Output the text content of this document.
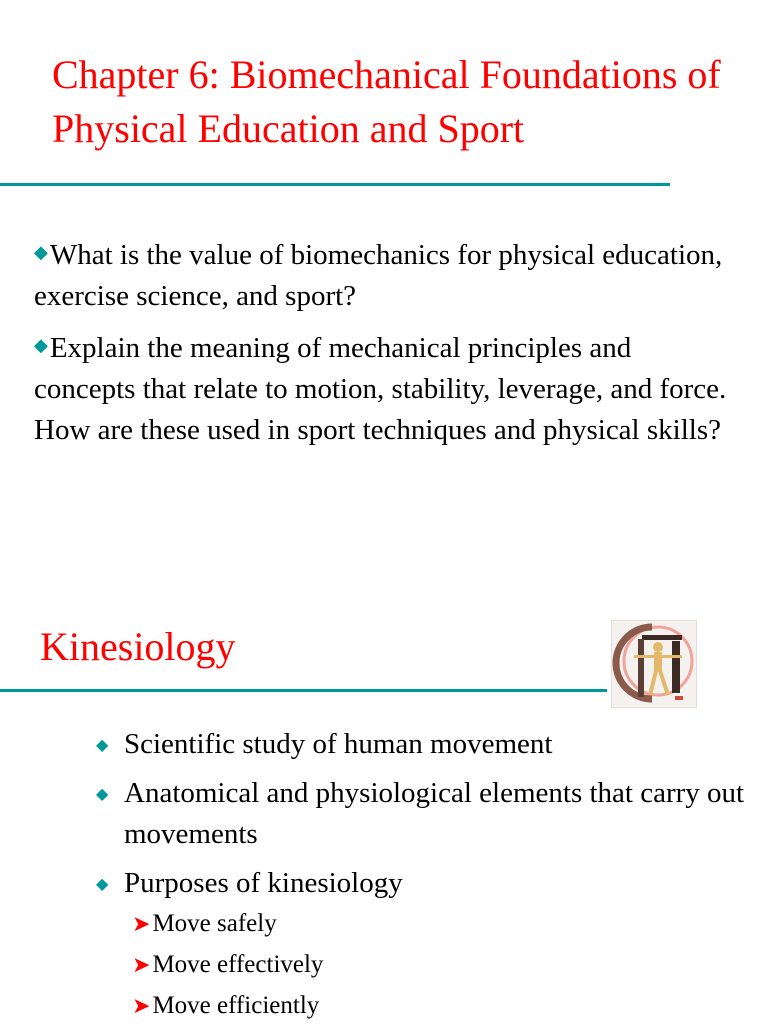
Chapter 6: Biomechanical Foundations of Physical Education and Sport
◆What is the value of biomechanics for physical education, exercise science, and sport?
◆Explain the meaning of mechanical principles and concepts that relate to motion, stability, leverage, and force. How are these used in sport techniques and physical skills?
Kinesiology
◆ Scientific study of human movement
◆ Anatomical and physiological elements that carry out movements
◆ Purposes of kinesiology
➤Move safely
➤Move effectively
➤Move efficiently
